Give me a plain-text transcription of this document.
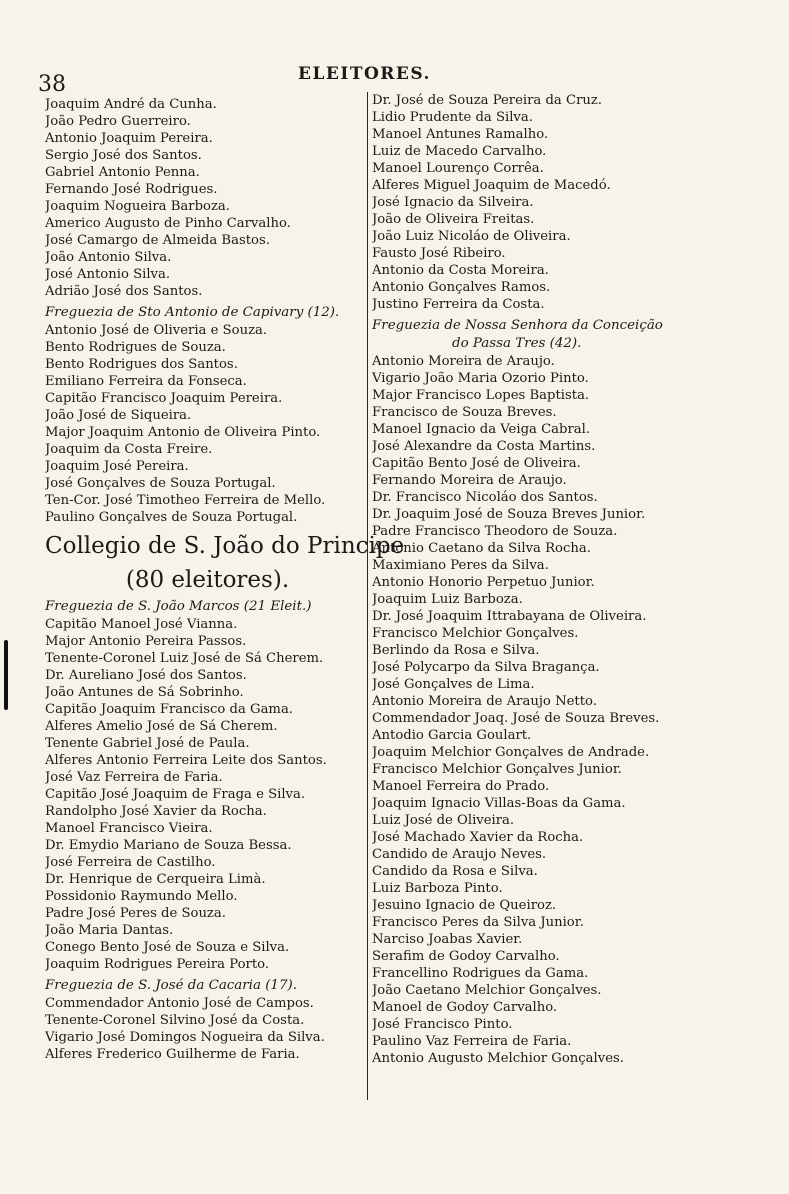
38	ELEITORES.
Joaquim André da Cunha.
João Pedro Guerreiro.
Antonio Joaquim Pereira.
Sergio José dos Santos.
Gabriel Antonio Penna.
Fernando José Rodrigues.
Joaquim Nogueira Barboza.
Americo Augusto de Pinho Carvalho.
José Camargo de Almeida Bastos.
João Antonio Silva.
José Antonio Silva.
Adrião José dos Santos.
Freguezia de Sto Antonio de Capivary (12).
Antonio José de Oliveria e Souza.
Bento Rodrigues de Souza.
Bento Rodrigues dos Santos.
Emiliano Ferreira da Fonseca.
Capitão Francisco Joaquim Pereira.
João José de Siqueira.
Major Joaquim Antonio de Oliveira Pinto.
Joaquim da Costa Freire.
Joaquim José Pereira.
José Gonçalves de Souza Portugal.
Ten-Cor. José Timotheo Ferreira de Mello.
Paulino Gonçalves de Souza Portugal.
Collegio de S. João do Principe
(80 eleitores).
Freguezia de S. João Marcos (21 Eleit.)
Capitão Manoel José Vianna.
Major Antonio Pereira Passos.
Tenente-Coronel Luiz José de Sá Cherem.
Dr. Aureliano José dos Santos.
João Antunes de Sá Sobrinho.
Capitão Joaquim Francisco da Gama.
Alferes Amelio José de Sá Cherem.
Tenente Gabriel José de Paula.
Alferes Antonio Ferreira Leite dos Santos.
José Vaz Ferreira de Faria.
Capitão José Joaquim de Fraga e Silva.
Randolpho José Xavier da Rocha.
Manoel Francisco Vieira.
Dr. Emydio Mariano de Souza Bessa.
José Ferreira de Castilho.
Dr. Henrique de Cerqueira Limà.
Possidonio Raymundo Mello.
Padre José Peres de Souza.
João Maria Dantas.
Conego Bento José de Souza e Silva.
Joaquim Rodrigues Pereira Porto.
Freguezia de S. José da Cacaria (17).
Commendador Antonio José de Campos.
Tenente-Coronel Silvino José da Costa.
Vigario José Domingos Nogueira da Silva.
Alferes Frederico Guilherme de Faria.
Dr. José de Souza Pereira da Cruz.
Lidio Prudente da Silva.
Manoel Antunes Ramalho.
Luiz de Macedo Carvalho.
Manoel Lourenço Corrêa.
Alferes Miguel Joaquim de Macedó.
José Ignacio da Silveira.
João de Oliveira Freitas.
João Luiz Nicoláo de Oliveira.
Fausto José Ribeiro.
Antonio da Costa Moreira.
Antonio Gonçalves Ramos.
Justino Ferreira da Costa.
Freguezia de Nossa Senhora da Conceição
do Passa Tres (42).
Antonio Moreira de Araujo.
Vigario João Maria Ozorio Pinto.
Major Francisco Lopes Baptista.
Francisco de Souza Breves.
Manoel Ignacio da Veiga Cabral.
José Alexandre da Costa Martins.
Capitão Bento José de Oliveira.
Fernando Moreira de Araujo.
Dr. Francisco Nicoláo dos Santos.
Dr. Joaquim José de Souza Breves Junior.
Padre Francisco Theodoro de Souza.
Antonio Caetano da Silva Rocha.
Maximiano Peres da Silva.
Antonio Honorio Perpetuo Junior.
Joaquim Luiz Barboza.
Dr. José Joaquim Ittrabayana de Oliveira.
Francisco Melchior Gonçalves.
Berlindo da Rosa e Silva.
José Polycarpo da Silva Bragança.
José Gonçalves de Lima.
Antonio Moreira de Araujo Netto.
Commendador Joaq. José de Souza Breves.
Antodio Garcia Goulart.
Joaquim Melchior Gonçalves de Andrade.
Francisco Melchior Gonçalves Junior.
Manoel Ferreira do Prado.
Joaquim Ignacio Villas-Boas da Gama.
Luiz José de Oliveira.
José Machado Xavier da Rocha.
Candido de Araujo Neves.
Candido da Rosa e Silva.
Luiz Barboza Pinto.
Jesuino Ignacio de Queiroz.
Francisco Peres da Silva Junior.
Narciso Joabas Xavier.
Serafim de Godoy Carvalho.
Francellino Rodrigues da Gama.
João Caetano Melchior Gonçalves.
Manoel de Godoy Carvalho.
José Francisco Pinto.
Paulino Vaz Ferreira de Faria.
Antonio Augusto Melchior Gonçalves.
